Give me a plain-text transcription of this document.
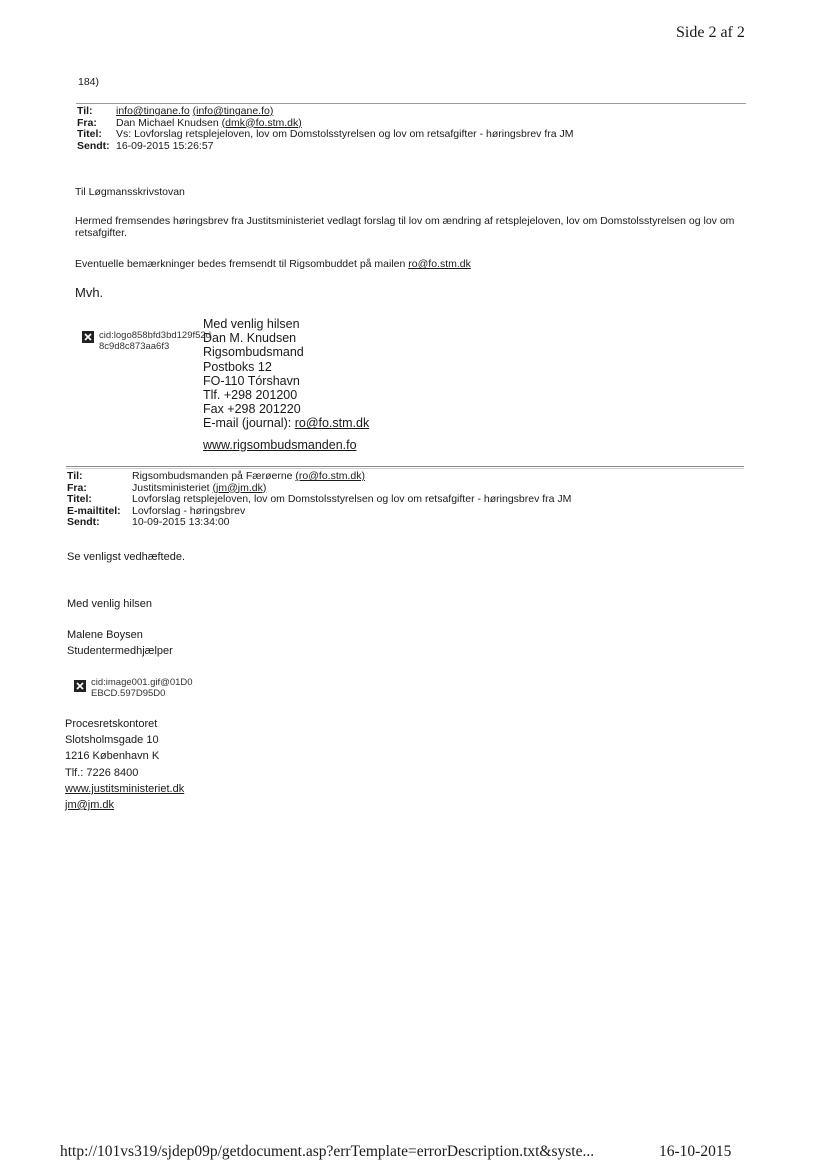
Side 2 af 2
184)
Til:	info@tingane.fo
(info@tingane.fo)
Fra:	Dan Michael Knudsen
(dmk@fo.stm.dk)
Titel:	Vs: Lovforslag retsplejeloven, lov om Domstolsstyrelsen og lov om retsafgifter - høringsbrev fra JM
Sendt: 16-09-2015 15:26:57
Til Løgmansskrivstovan
Hermed fremsendes høringsbrev fra Justitsministeriet vedlagt forslag til lov om ændring af retsplejeloven, lov om Domstolsstyrelsen og lov om retsafgifter.
Eventuelle bemærkninger bedes fremsendt til Rigsombuddet på mailen ro@fo.stm.dk
Mvh.
cid:logo858bfd3bd129f52d8c9d8c873aa6f3
Med venlig hilsen
Dan M. Knudsen
Rigsombudsmand
Postboks 12
FO-110 Tórshavn
Tlf. +298 201200
Fax +298 201220
E-mail (journal): ro@fo.stm.dk
www.rigsombudsmanden.fo
Til:	Rigsombudsmanden på Færøerne
(ro@fo.stm.dk)
Fra:	Justitsministeriet
(jm@jm.dk)
Titel:	Lovforslag retsplejeloven, lov om Domstolsstyrelsen og lov om retsafgifter - høringsbrev fra JM
E-mailtitel:	Lovforslag - høringsbrev
Sendt:	10-09-2015 13:34:00
Se venligst vedhæftede.
Med venlig hilsen
Malene Boysen
Studentermedhjælper
cid:image001.gif@01D0EBCD.597D95D0
Procesretskontoret
Slotsholmsgade 10
1216 København K
Tlf.: 7226 8400
www.justitsministeriet.dk
jm@jm.dk
http://101vs319/sjdep09p/getdocument.asp?errTemplate=errorDescription.txt&syste...	16-10-2015
